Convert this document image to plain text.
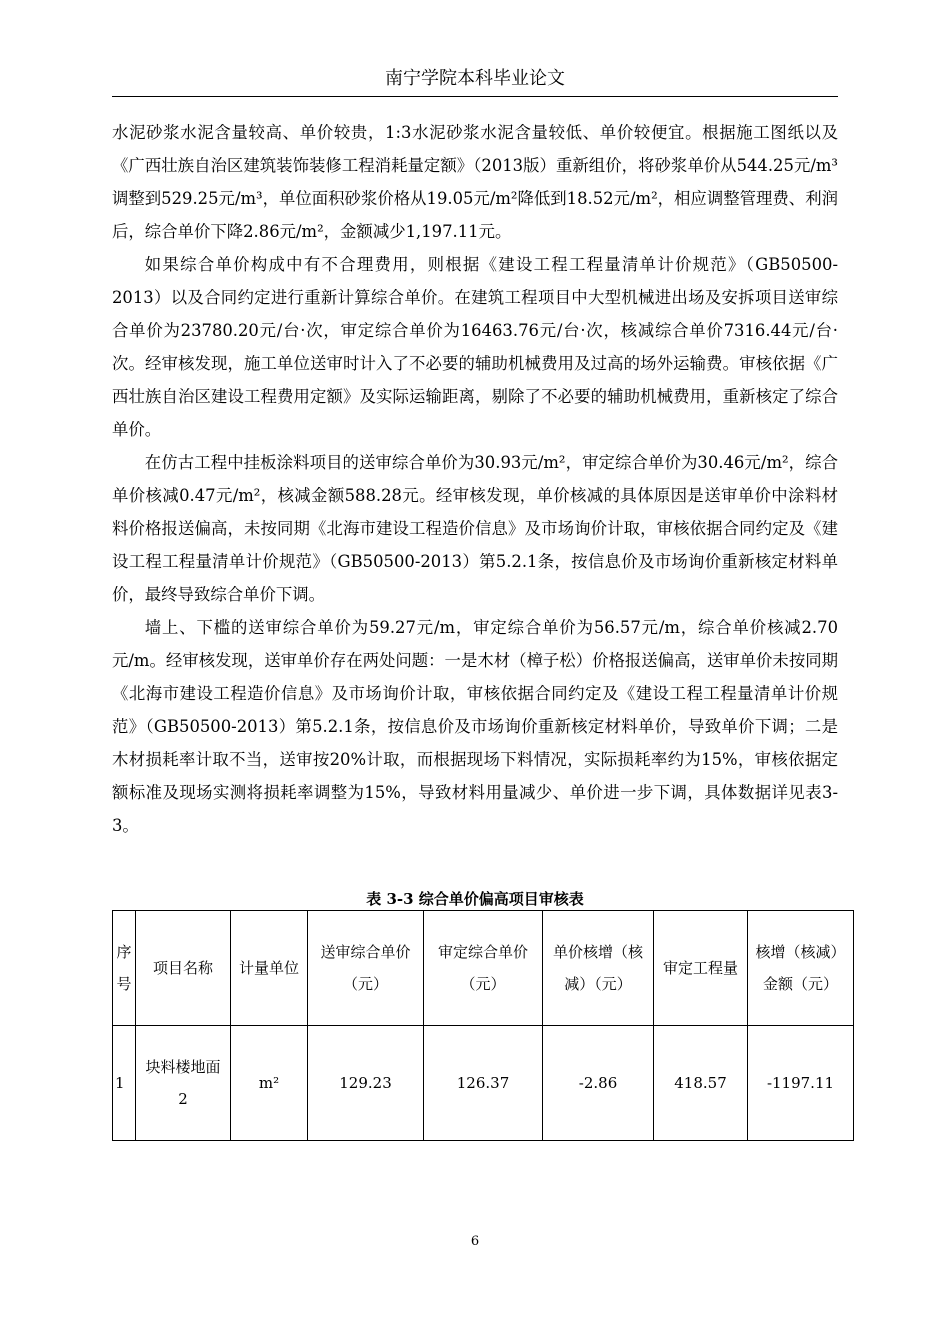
南宁学院本科毕业论文

水泥砂浆水泥含量较高、单价较贵，1:3水泥砂浆水泥含量较低、单价较便宜。根据施工图纸以及《广西壮族自治区建筑装饰装修工程消耗量定额》（2013版）重新组价，将砂浆单价从544.25元/m³调整到529.25元/m³，单位面积砂浆价格从19.05元/m²降低到18.52元/m²，相应调整管理费、利润后，综合单价下降2.86元/m²，金额减少1,197.11元。

如果综合单价构成中有不合理费用，则根据《建设工程工程量清单计价规范》（GB50500-2013）以及合同约定进行重新计算综合单价。在建筑工程项目中大型机械进出场及安拆项目送审综合单价为23780.20元/台·次，审定综合单价为16463.76元/台·次，核减综合单价7316.44元/台·次。经审核发现，施工单位送审时计入了不必要的辅助机械费用及过高的场外运输费。审核依据《广西壮族自治区建设工程费用定额》及实际运输距离，剔除了不必要的辅助机械费用，重新核定了综合单价。

在仿古工程中挂板涂料项目的送审综合单价为30.93元/m²，审定综合单价为30.46元/m²，综合单价核减0.47元/m²，核减金额588.28元。经审核发现，单价核减的具体原因是送审单价中涂料材料价格报送偏高，未按同期《北海市建设工程造价信息》及市场询价计取，审核依据合同约定及《建设工程工程量清单计价规范》（GB50500-2013）第5.2.1条，按信息价及市场询价重新核定材料单价，最终导致综合单价下调。

墙上、下槛的送审综合单价为59.27元/m，审定综合单价为56.57元/m，综合单价核减2.70元/m。经审核发现，送审单价存在两处问题：一是木材（樟子松）价格报送偏高，送审单价未按同期《北海市建设工程造价信息》及市场询价计取，审核依据合同约定及《建设工程工程量清单计价规范》（GB50500-2013）第5.2.1条，按信息价及市场询价重新核定材料单价，导致单价下调；二是木材损耗率计取不当，送审按20%计取，而根据现场下料情况，实际损耗率约为15%，审核依据定额标准及现场实测将损耗率调整为15%，导致材料用量减少、单价进一步下调，具体数据详见表3-3。

表 3-3 综合单价偏高项目审核表
序号	项目名称	计量单位	送审综合单价（元）	审定综合单价（元）	单价核增（核减）（元）	审定工程量	核增（核减）金额（元）
1	块料楼地面2	m²	129.23	126.37	-2.86	418.57	-1197.11
6
